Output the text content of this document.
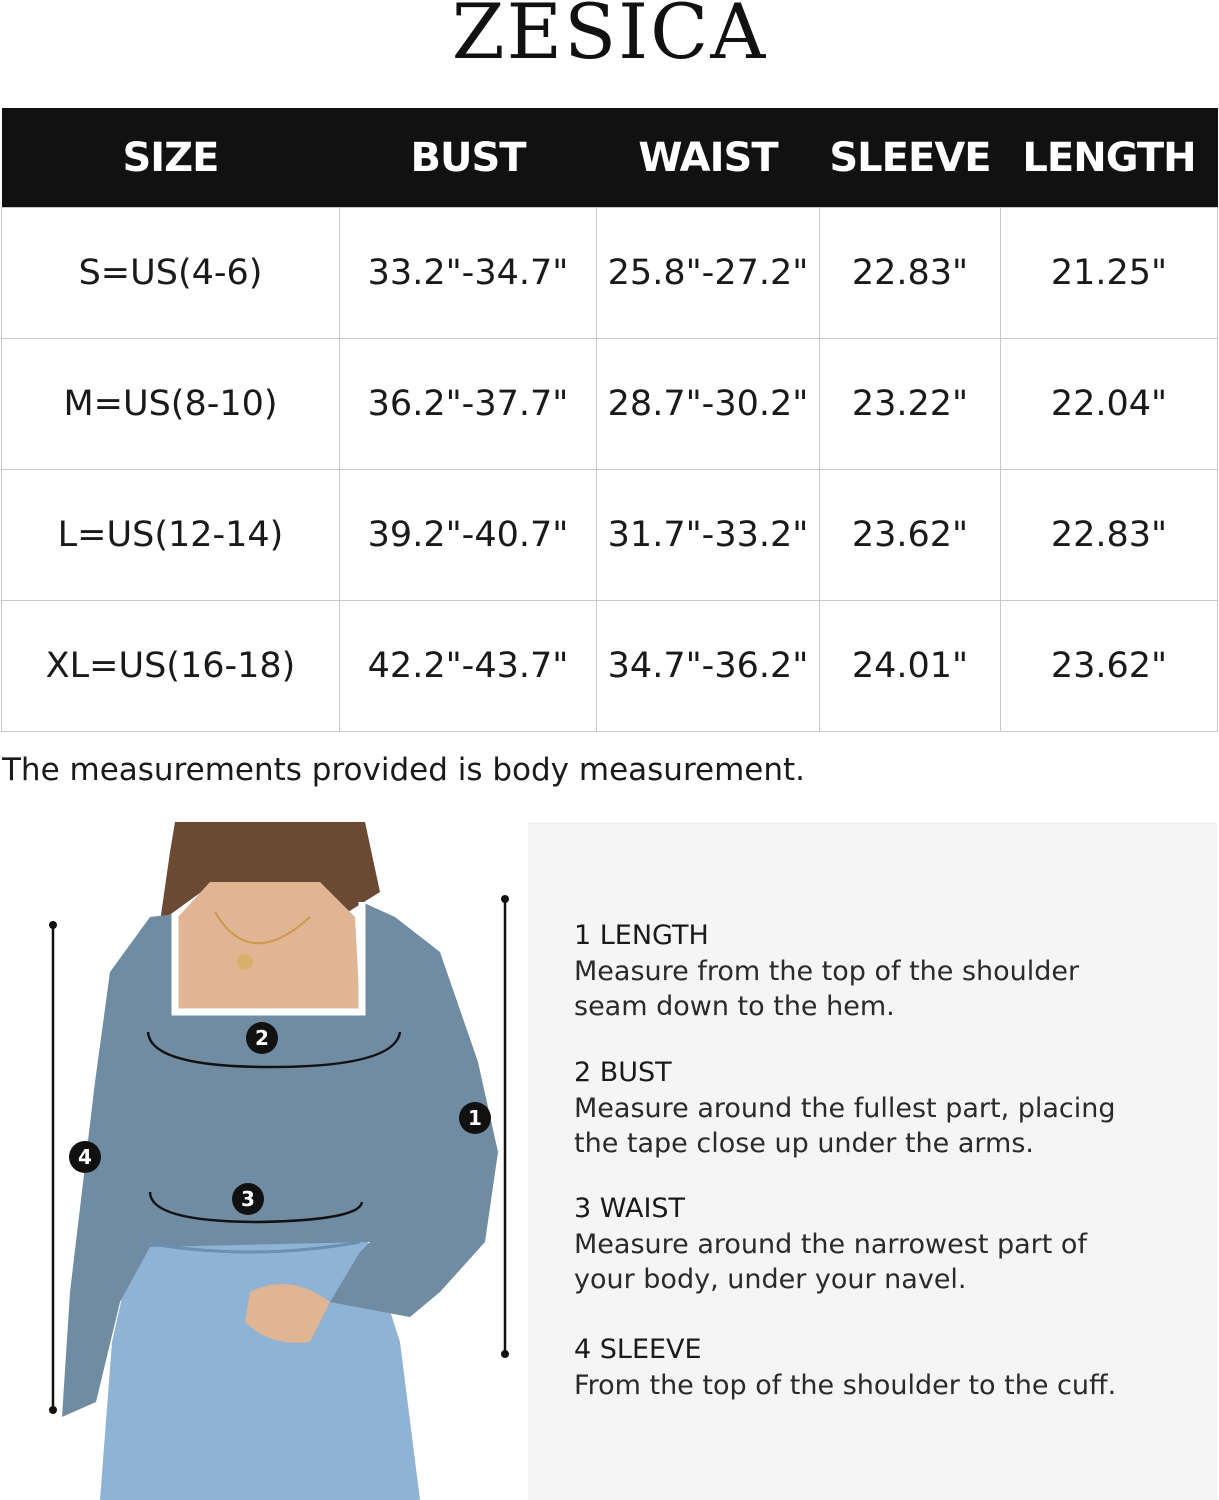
ZESICA
SIZE	BUST	WAIST	SLEEVE	LENGTH
S=US(4-6)	33.2"-34.7"	25.8"-27.2"	22.83"	21.25"
M=US(8-10)	36.2"-37.7"	28.7"-30.2"	23.22"	22.04"
L=US(12-14)	39.2"-40.7"	31.7"-33.2"	23.62"	22.83"
XL=US(16-18)	42.2"-43.7"	34.7"-36.2"	24.01"	23.62"
The measurements provided is body measurement.
1
2
3
4
1 LENGTH
Measure from the top of the shoulder
seam down to the hem.
2 BUST
Measure around the fullest part, placing
the tape close up under the arms.
3 WAIST
Measure around the narrowest part of
your body, under your navel.
4 SLEEVE
From the top of the shoulder to the cuff.
